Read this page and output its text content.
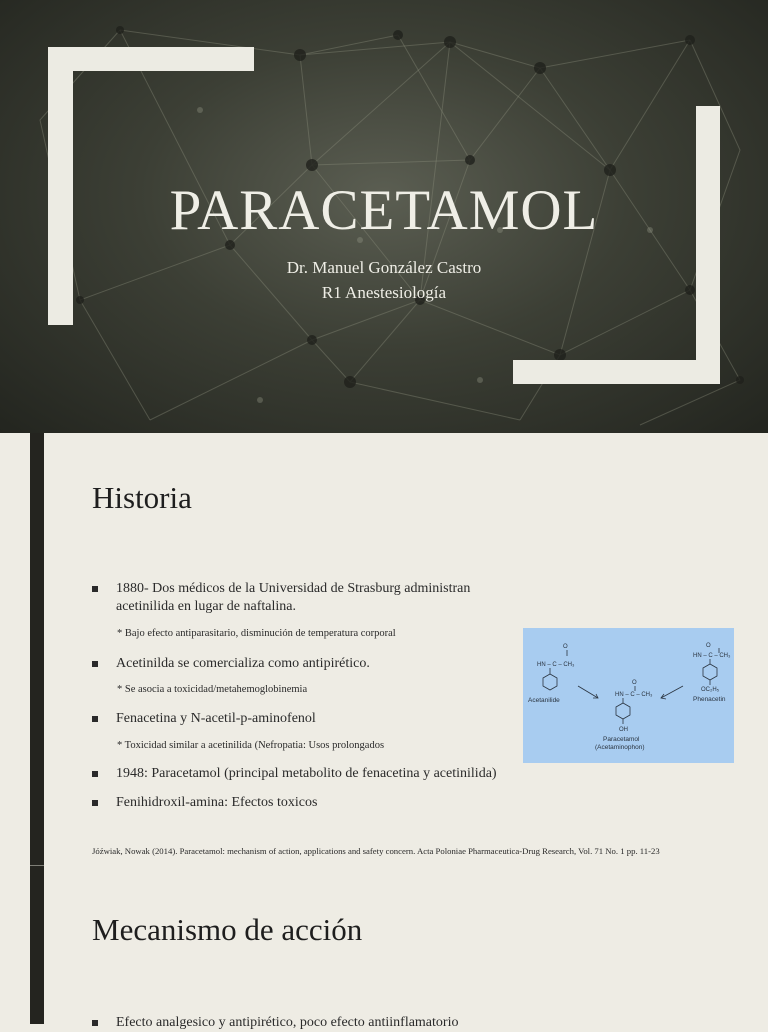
PARACETAMOL
Dr. Manuel González Castro
R1 Anestesiología
Historia
1880- Dos médicos de la Universidad de Strasburg administran acetinilida en lugar de naftalina.
* Bajo efecto antiparasitario, disminución de temperatura corporal
Acetinilda se comercializa como antipirético.
* Se asocia a toxicidad/metahemoglobinemia
Fenacetina y N-acetil-p-aminofenol
* Toxicidad similar a acetinilida (Nefropatia: Usos prolongados
1948: Paracetamol (principal metabolito de fenacetina y acetinilida)
Fenihidroxil-amina: Efectos toxicos
Jóźwiak, Nowak (2014). Paracetamol: mechanism of action, applications and safety concern. Acta Poloniae Pharmaceutica-Drug Research, Vol. 71 No. 1 pp. 11-23
O
HN – C – CH₃
Acetanilide
O
HN – C – CH₃
OH
Paracetamol
(Acetaminophon)
O
HN – C – CH₃
OC₂H₅
Phenacetin
Mecanismo de acción
Efecto analgesico y antipirético, poco efecto antiinflamatorio
